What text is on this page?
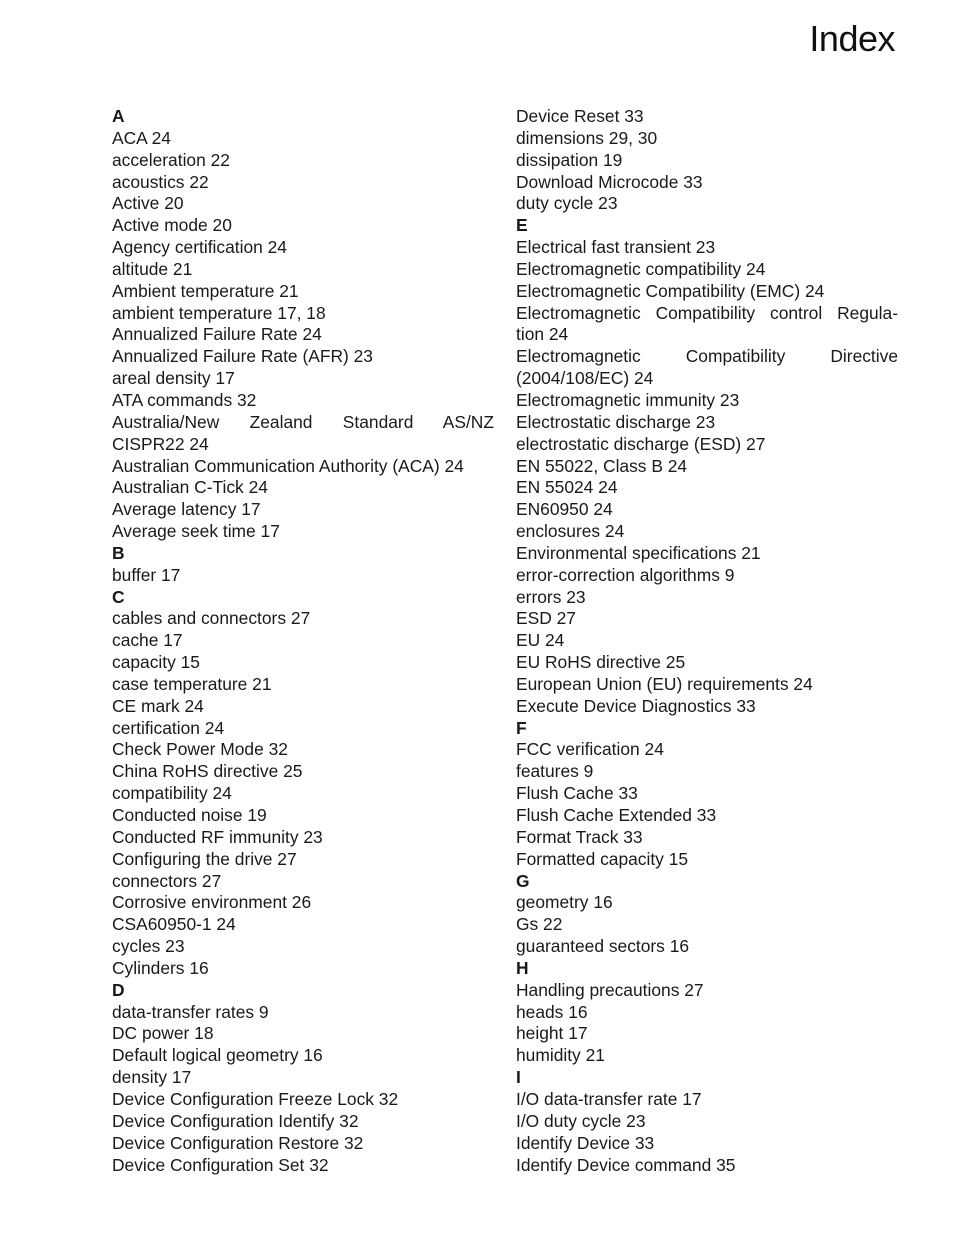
Index
A
ACA 24
acceleration 22
acoustics 22
Active 20
Active mode 20
Agency certification 24
altitude 21
Ambient temperature 21
ambient temperature 17, 18
Annualized Failure Rate 24
Annualized Failure Rate (AFR) 23
areal density 17
ATA commands 32
Australia/New Zealand Standard AS/NZ
CISPR22 24
Australian Communication Authority (ACA) 24
Australian C-Tick 24
Average latency 17
Average seek time 17
B
buffer 17
C
cables and connectors 27
cache 17
capacity 15
case temperature 21
CE mark 24
certification 24
Check Power Mode 32
China RoHS directive 25
compatibility 24
Conducted noise 19
Conducted RF immunity 23
Configuring the drive 27
connectors 27
Corrosive environment 26
CSA60950-1 24
cycles 23
Cylinders 16
D
data-transfer rates 9
DC power 18
Default logical geometry 16
density 17
Device Configuration Freeze Lock 32
Device Configuration Identify 32
Device Configuration Restore 32
Device Configuration Set 32
Device Reset 33
dimensions 29, 30
dissipation 19
Download Microcode 33
duty cycle 23
E
Electrical fast transient 23
Electromagnetic compatibility 24
Electromagnetic Compatibility (EMC) 24
Electromagnetic Compatibility control Regula-
tion 24
Electromagnetic Compatibility Directive
(2004/108/EC) 24
Electromagnetic immunity 23
Electrostatic discharge 23
electrostatic discharge (ESD) 27
EN 55022, Class B 24
EN 55024 24
EN60950 24
enclosures 24
Environmental specifications 21
error-correction algorithms 9
errors 23
ESD 27
EU 24
EU RoHS directive 25
European Union (EU) requirements 24
Execute Device Diagnostics 33
F
FCC verification 24
features 9
Flush Cache 33
Flush Cache Extended 33
Format Track 33
Formatted capacity 15
G
geometry 16
Gs 22
guaranteed sectors 16
H
Handling precautions 27
heads 16
height 17
humidity 21
I
I/O data-transfer rate 17
I/O duty cycle 23
Identify Device 33
Identify Device command 35
